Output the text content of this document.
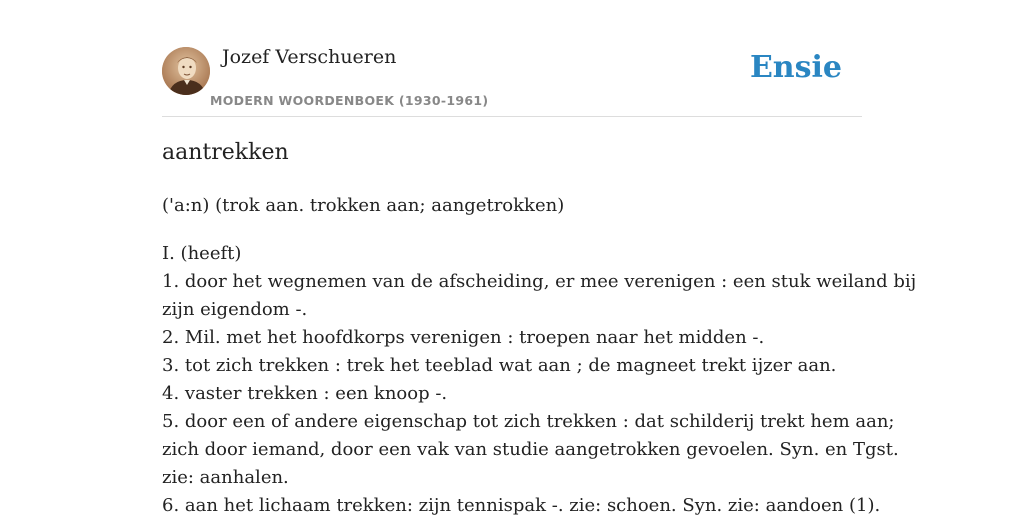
Jozef Verschueren
MODERN WOORDENBOEK (1930-1961)
Ensie
aantrekken
('a:n) (trok aan. trokken aan; aangetrokken)
I. (heeft)
1. door het wegnemen van de afscheiding, er mee verenigen : een stuk weiland bij
zijn eigendom -.
2. Mil. met het hoofdkorps verenigen : troepen naar het midden -.
3. tot zich trekken : trek het teeblad wat aan ; de magneet trekt ijzer aan.
4. vaster trekken : een knoop -.
5. door een of andere eigenschap tot zich trekken : dat schilderij trekt hem aan;
zich door iemand, door een vak van studie aangetrokken gevoelen. Syn. en Tgst.
zie: aanhalen.
6. aan het lichaam trekken: zijn tennispak -. zie: schoen. Syn. zie: aandoen (1).
